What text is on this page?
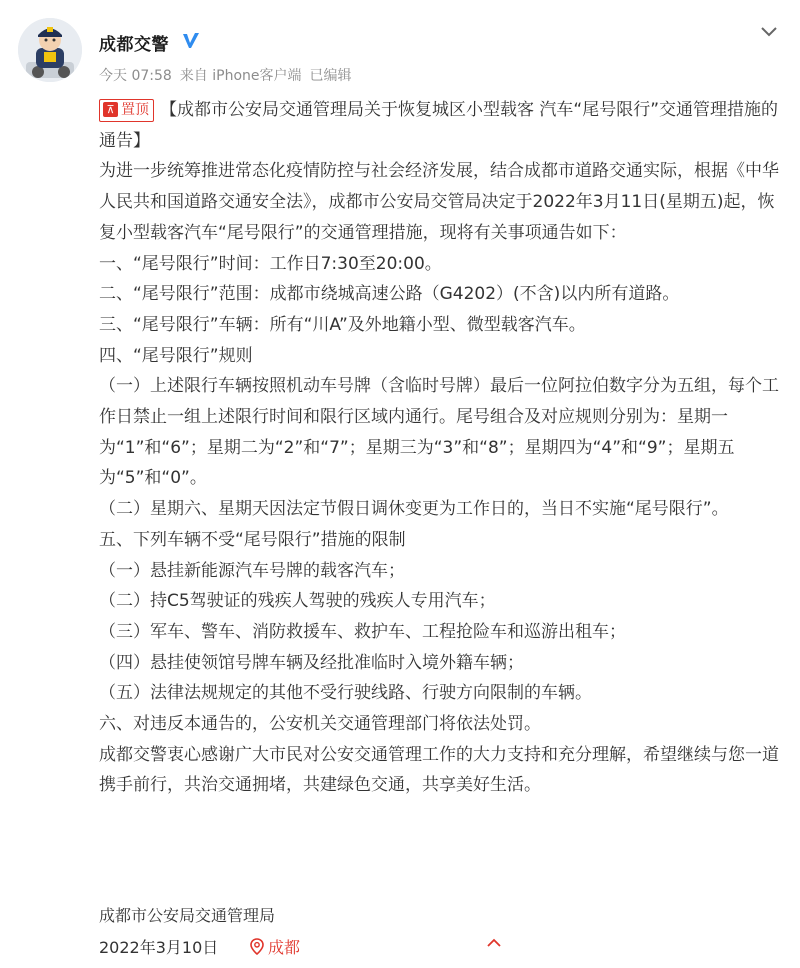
成都交警
今天 07:58 来自 iPhone客户端 已编辑

⊼ 置顶 【成都市公安局交通管理局关于恢复城区小型载客 汽车“尾号限行”交通管理措施的通告】

为进一步统筹推进常态化疫情防控与社会经济发展，结合成都市道路交通实际，根据《中华人民共和国道路交通安全法》，成都市公安局交管局决定于2022年3月11日(星期五)起，恢复小型载客汽车“尾号限行”的交通管理措施，现将有关事项通告如下：

一、“尾号限行”时间：工作日7:30至20:00。

二、“尾号限行”范围：成都市绕城高速公路（G4202）(不含)以内所有道路。

三、“尾号限行”车辆：所有“川A”及外地籍小型、微型载客汽车。

四、“尾号限行”规则

（一）上述限行车辆按照机动车号牌（含临时号牌）最后一位阿拉伯数字分为五组，每个工作日禁止一组上述限行时间和限行区域内通行。尾号组合及对应规则分别为：星期一为“1”和“6”；星期二为“2”和“7”；星期三为“3”和“8”；星期四为“4”和“9”；星期五为“5”和“0”。

（二）星期六、星期天因法定节假日调休变更为工作日的，当日不实施“尾号限行”。

五、下列车辆不受“尾号限行”措施的限制

（一）悬挂新能源汽车号牌的载客汽车；

（二）持C5驾驶证的残疾人驾驶的残疾人专用汽车；

（三）军车、警车、消防救援车、救护车、工程抢险车和巡游出租车；

（四）悬挂使领馆号牌车辆及经批准临时入境外籍车辆；

（五）法律法规规定的其他不受行驶线路、行驶方向限制的车辆。

六、对违反本通告的，公安机关交通管理部门将依法处罚。

成都交警衷心感谢广大市民对公安交通管理工作的大力支持和充分理解，希望继续与您一道携手前行，共治交通拥堵，共建绿色交通，共享美好生活。

成都市公安局交通管理局
2022年3月10日	成都
